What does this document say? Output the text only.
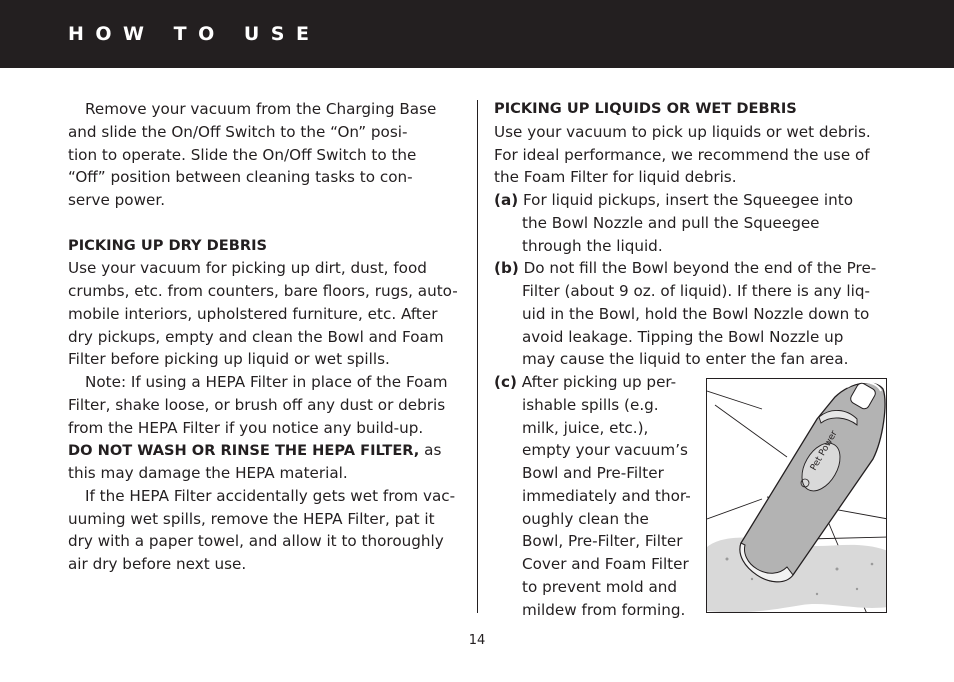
HOW TO USE
Remove your vacuum from the Charging Base
and slide the On/Off Switch to the “On” posi-
tion to operate. Slide the On/Off Switch to the
“Off” position between cleaning tasks to con-
serve power.
PICKING UP DRY DEBRIS
Use your vacuum for picking up dirt, dust, food
crumbs, etc. from counters, bare floors, rugs, auto-
mobile interiors, upholstered furniture, etc. After
dry pickups, empty and clean the Bowl and Foam
Filter before picking up liquid or wet spills.
Note: If using a HEPA Filter in place of the Foam
Filter, shake loose, or brush off any dust or debris
from the HEPA Filter if you notice any build-up.
DO NOT WASH OR RINSE THE HEPA FILTER, as
this may damage the HEPA material.
If the HEPA Filter accidentally gets wet from vac-
uuming wet spills, remove the HEPA Filter, pat it
dry with a paper towel, and allow it to thoroughly
air dry before next use.
PICKING UP LIQUIDS OR WET DEBRIS
Use your vacuum to pick up liquids or wet debris.
For ideal performance, we recommend the use of
the Foam Filter for liquid debris.
(a) For liquid pickups, insert the Squeegee into
the Bowl Nozzle and pull the Squeegee
through the liquid.
(b) Do not fill the Bowl beyond the end of the Pre-
Filter (about 9 oz. of liquid). If there is any liq-
uid in the Bowl, hold the Bowl Nozzle down to
avoid leakage. Tipping the Bowl Nozzle up
may cause the liquid to enter the fan area.
(c) After picking up per-
ishable spills (e.g.
milk, juice, etc.),
empty your vacuum’s
Bowl and Pre-Filter
immediately and thor-
oughly clean the
Bowl, Pre-Filter, Filter
Cover and Foam Filter
to prevent mold and
mildew from forming.
Pet Power
14
